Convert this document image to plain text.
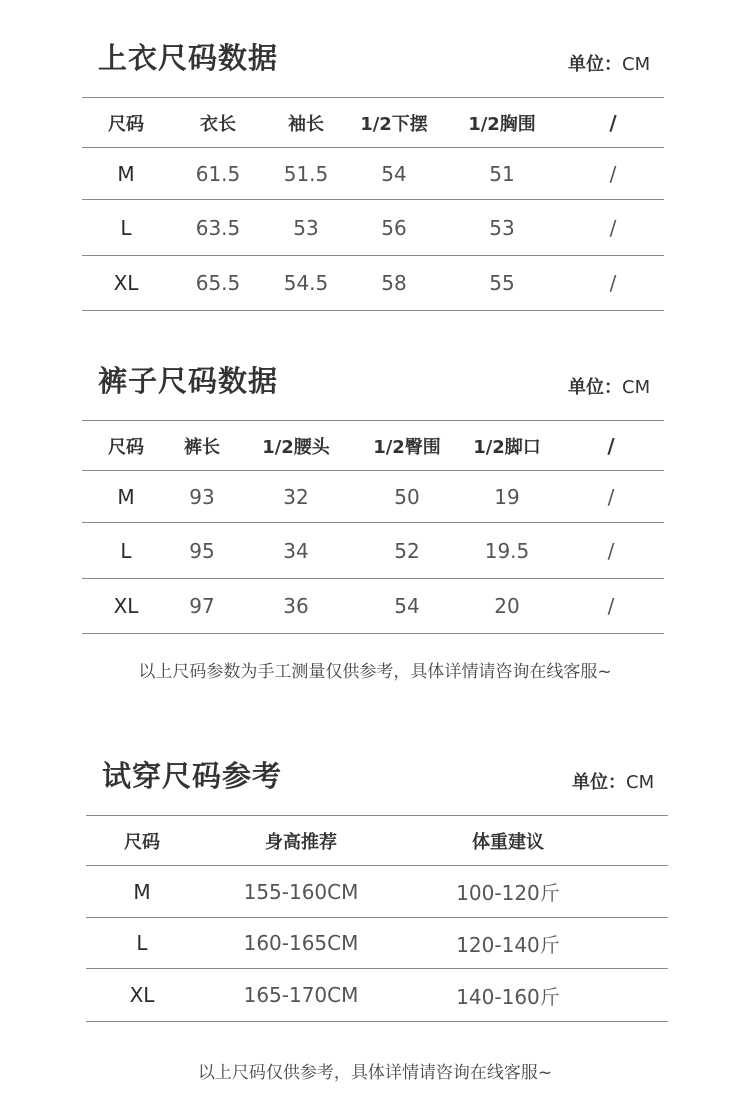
上衣尺码数据	单位：CM
尺码	衣长	袖长	1/2下摆	1/2胸围	/
M	61.5	51.5	54	51	/
L	63.5	53	56	53	/
XL	65.5	54.5	58	55	/
裤子尺码数据	单位：CM
尺码	裤长	1/2腰头	1/2臀围	1/2脚口	/
M	93	32	50	19	/
L	95	34	52	19.5	/
XL	97	36	54	20	/
以上尺码参数为手工测量仅供参考，具体详情请咨询在线客服~
试穿尺码参考	单位：CM
尺码	身高推荐	体重建议	
M	155-160CM	100-120斤	
L	160-165CM	120-140斤	
XL	165-170CM	140-160斤	
以上尺码仅供参考，具体详情请咨询在线客服~
